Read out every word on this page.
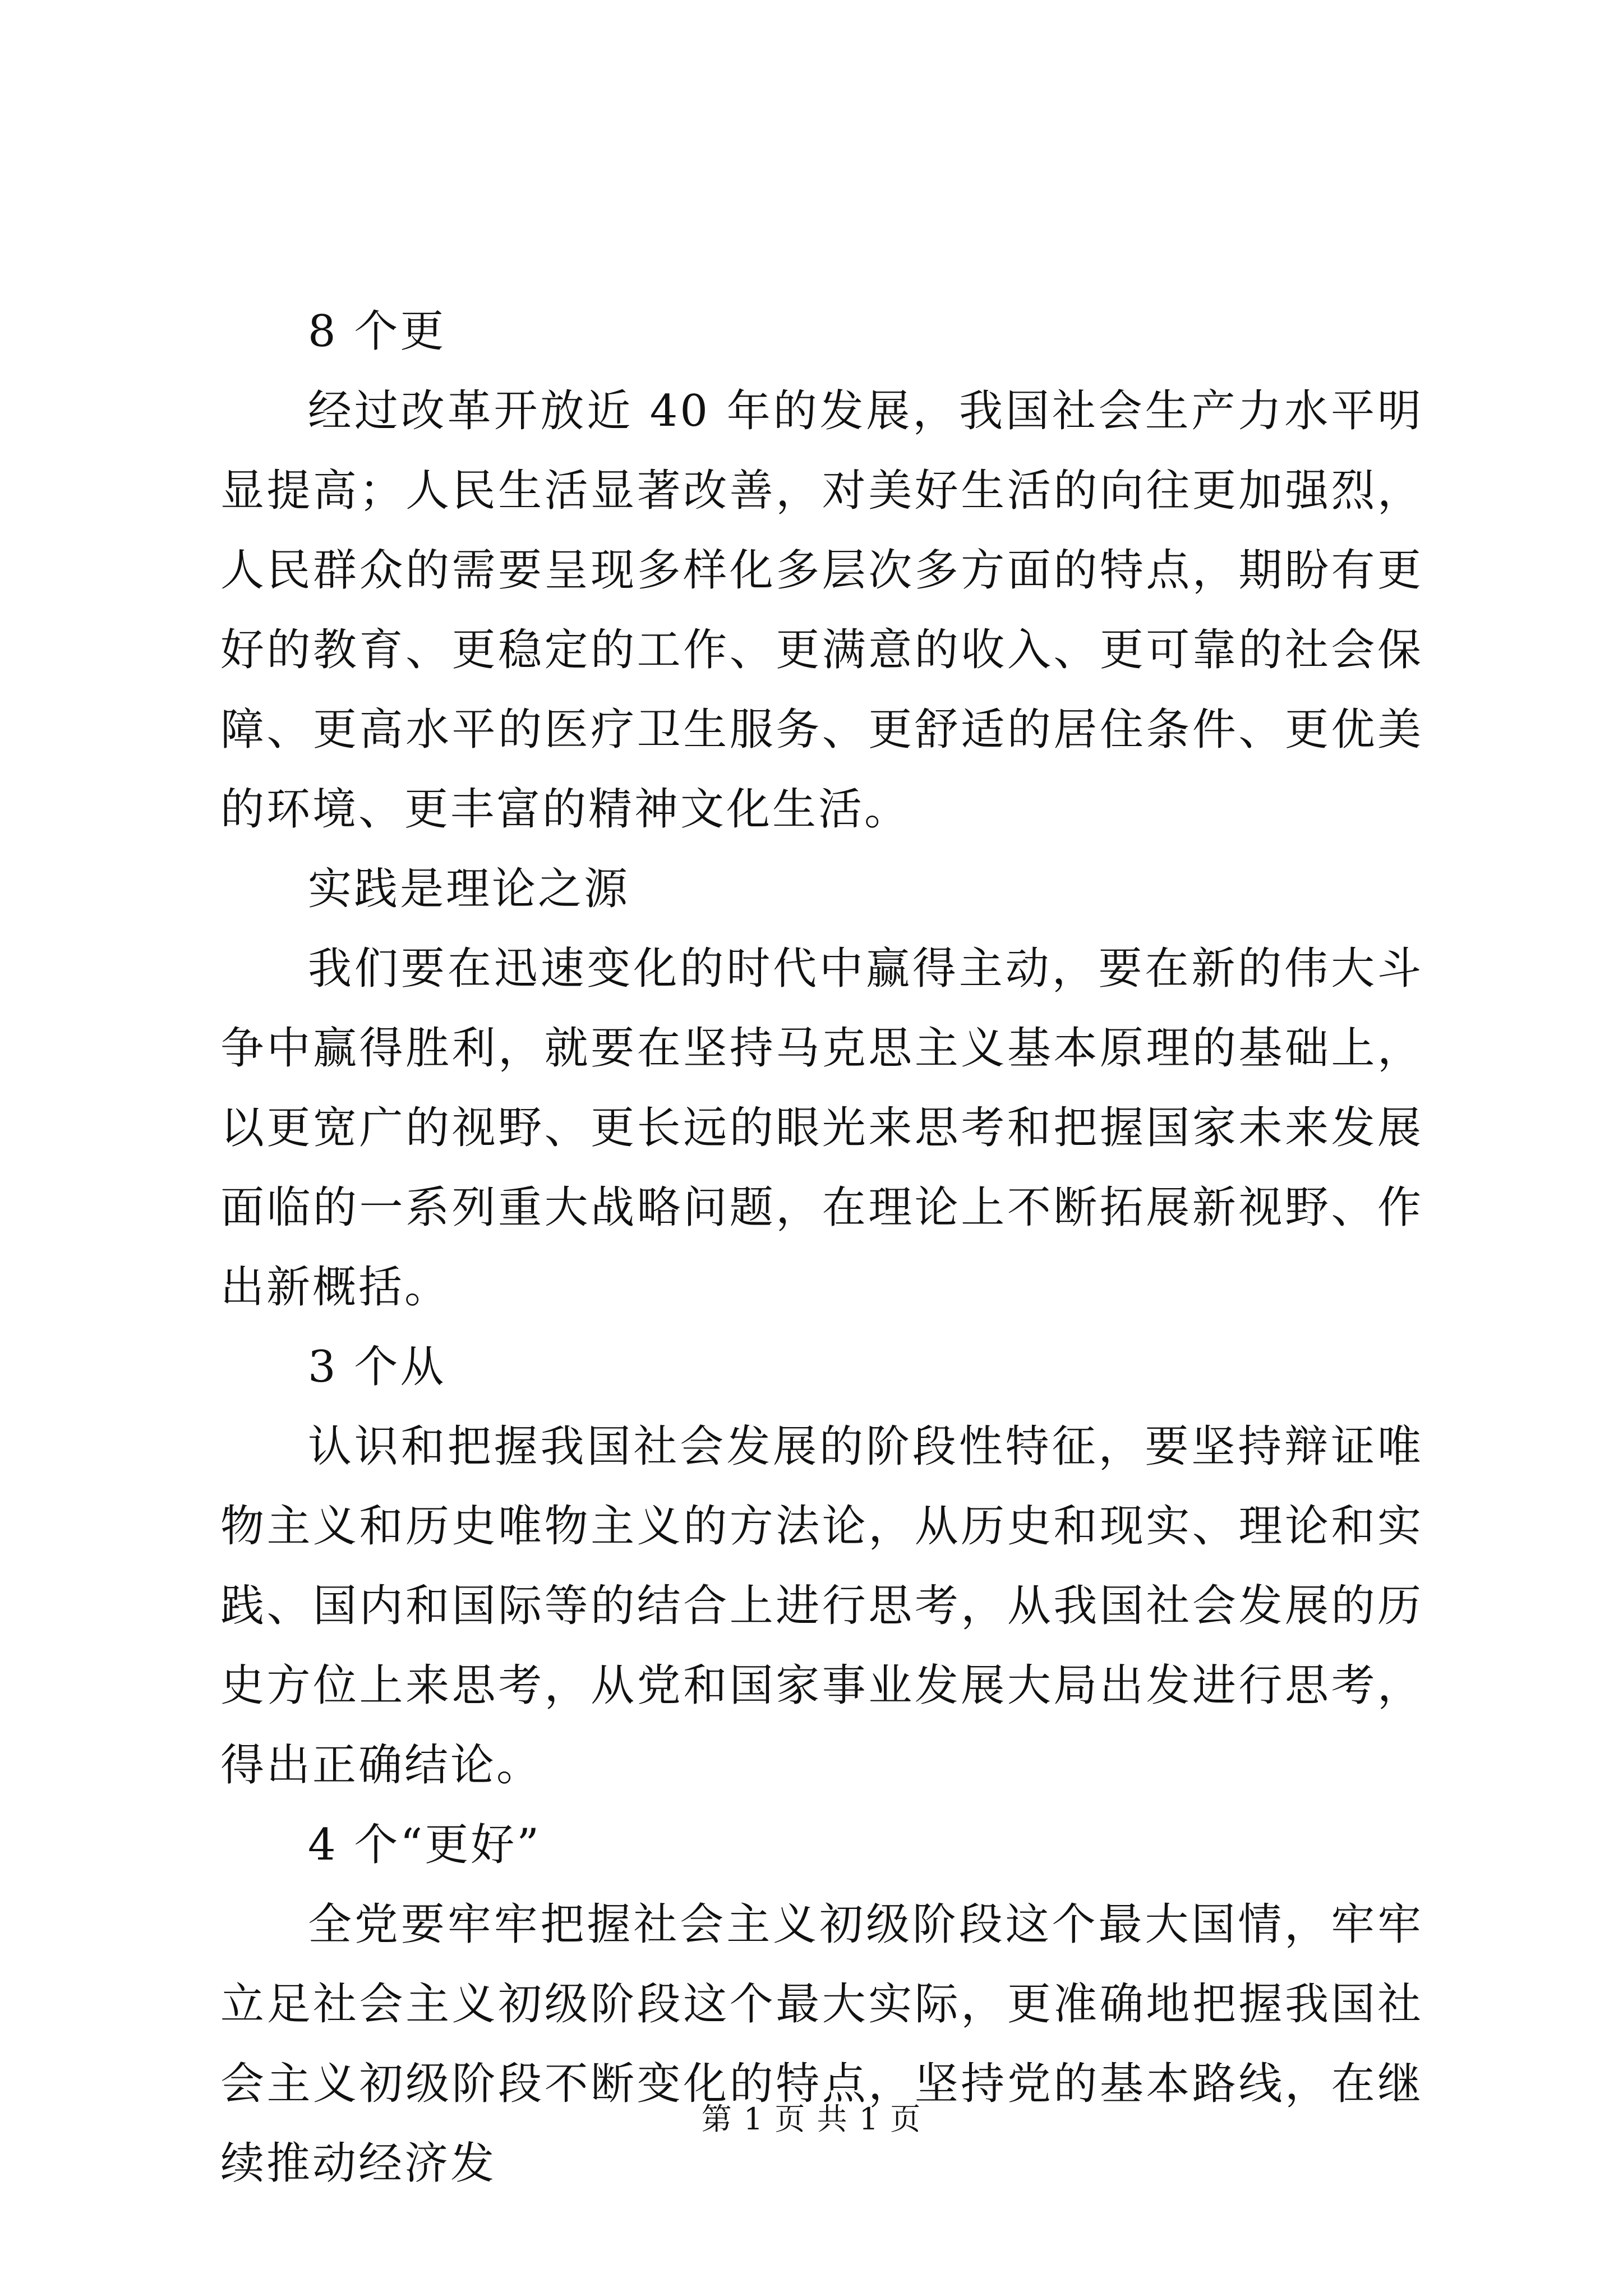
8 个更

经过改革开放近 40 年的发展，我国社会生产力水平明显提高；人民生活显著改善，对美好生活的向往更加强烈，人民群众的需要呈现多样化多层次多方面的特点，期盼有更好的教育、更稳定的工作、更满意的收入、更可靠的社会保障、更高水平的医疗卫生服务、更舒适的居住条件、更优美的环境、更丰富的精神文化生活。

实践是理论之源

我们要在迅速变化的时代中赢得主动，要在新的伟大斗争中赢得胜利，就要在坚持马克思主义基本原理的基础上，以更宽广的视野、更长远的眼光来思考和把握国家未来发展面临的一系列重大战略问题，在理论上不断拓展新视野、作出新概括。

3 个从

认识和把握我国社会发展的阶段性特征，要坚持辩证唯物主义和历史唯物主义的方法论，从历史和现实、理论和实践、国内和国际等的结合上进行思考，从我国社会发展的历史方位上来思考，从党和国家事业发展大局出发进行思考，得出正确结论。

4 个“更好”

全党要牢牢把握社会主义初级阶段这个最大国情，牢牢立足社会主义初级阶段这个最大实际，更准确地把握我国社会主义初级阶段不断变化的特点，坚持党的基本路线，在继续推动经济发

第 1 页 共 1 页
